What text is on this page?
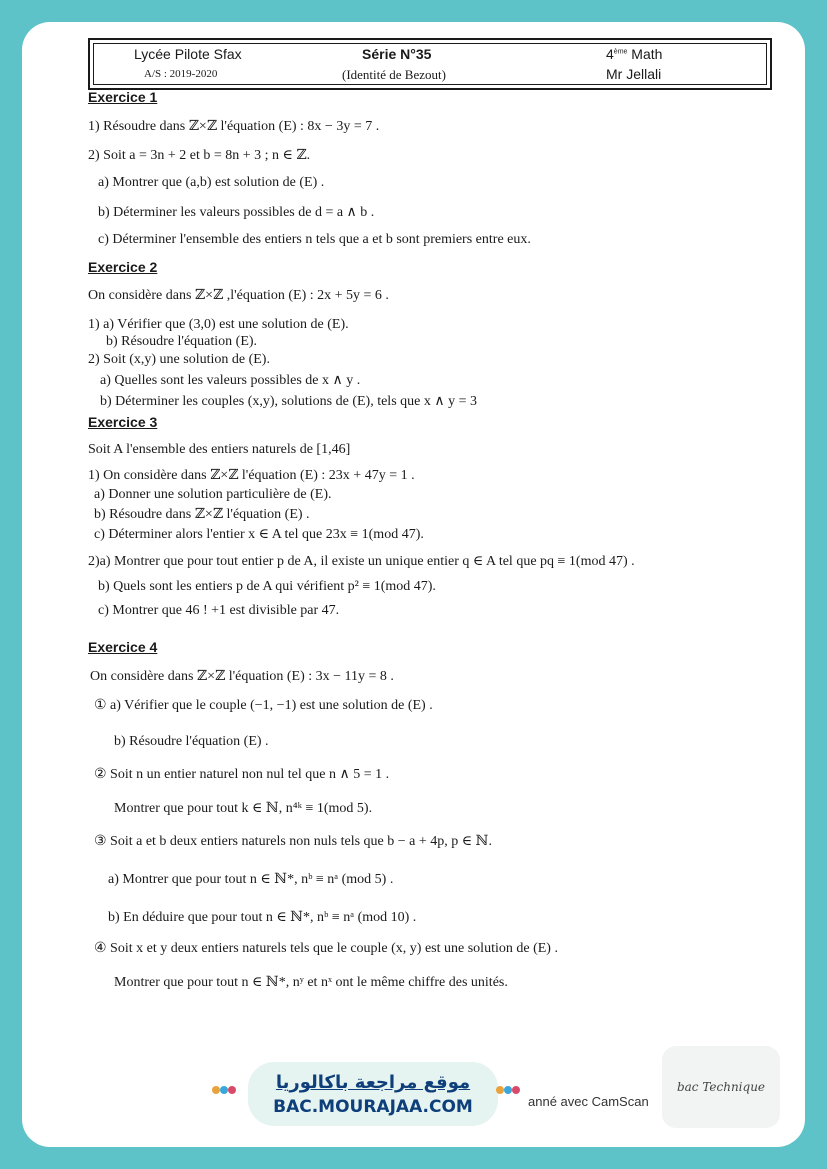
Lycée Pilote Sfax
A/S : 2019-2020
Série N°35
(Identité de Bezout)
4ème Math
Mr Jellali
Exercice 1
1) Résoudre dans ℤ×ℤ l'équation (E) : 8x − 3y = 7 .
2) Soit a = 3n + 2 et b = 8n + 3 ; n ∈ ℤ.
a) Montrer que (a,b) est solution de (E) .
b) Déterminer les valeurs possibles de d = a ∧ b .
c) Déterminer l'ensemble des entiers n tels que a et b sont premiers entre eux.
Exercice 2
On considère dans ℤ×ℤ ,l'équation (E) : 2x + 5y = 6 .
1) a) Vérifier que (3,0) est une solution de (E).
b) Résoudre l'équation (E).
2) Soit (x,y) une solution de (E).
a) Quelles sont les valeurs possibles de x ∧ y .
b) Déterminer les couples (x,y), solutions de (E), tels que x ∧ y = 3
Exercice 3
Soit A l'ensemble des entiers naturels de [1,46]
1) On considère dans ℤ×ℤ l'équation (E) : 23x + 47y = 1 .
a) Donner une solution particulière de (E).
b) Résoudre dans ℤ×ℤ l'équation (E) .
c) Déterminer alors l'entier x ∈ A tel que 23x ≡ 1(mod 47).
2)a) Montrer que pour tout entier p de A, il existe un unique entier q ∈ A tel que pq ≡ 1(mod 47) .
b) Quels sont les entiers p de A qui vérifient p² ≡ 1(mod 47).
c) Montrer que 46 ! +1 est divisible par 47.
Exercice 4
On considère dans ℤ×ℤ l'équation (E) : 3x − 11y = 8 .
① a) Vérifier que le couple (−1, −1) est une solution de (E) .
b) Résoudre l'équation (E) .
② Soit n un entier naturel non nul tel que n ∧ 5 = 1 .
Montrer que pour tout k ∈ ℕ, n⁴ᵏ ≡ 1(mod 5).
③ Soit a et b deux entiers naturels non nuls tels que b − a + 4p, p ∈ ℕ.
a) Montrer que pour tout n ∈ ℕ*, nᵇ ≡ nᵃ (mod 5) .
b) En déduire que pour tout n ∈ ℕ*, nᵇ ≡ nᵃ (mod 10) .
④ Soit x et y deux entiers naturels tels que le couple (x, y) est une solution de (E) .
Montrer que pour tout n ∈ ℕ*, nʸ et nˣ ont le même chiffre des unités.
موقع مراجعة باكالوريا
BAC.MOURAJAA.COM	anné avec CamScan
bac Technique
